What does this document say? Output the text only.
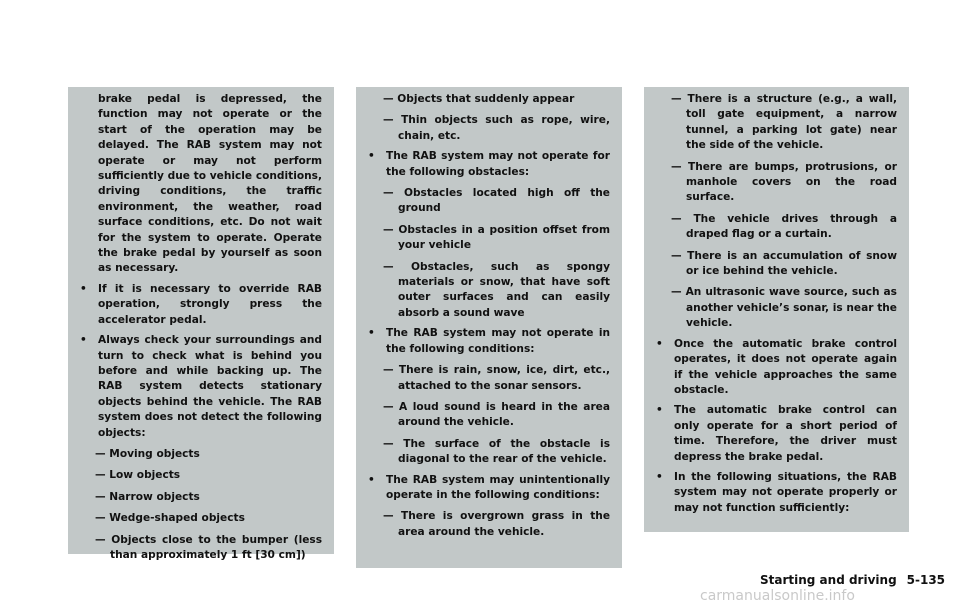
brake pedal is depressed, the function may not operate or the start of the operation may be delayed. The RAB system may not operate or may not perform sufficiently due to vehicle conditions, driving conditions, the traffic environment, the weather, road surface conditions, etc. Do not wait for the system to operate. Operate the brake pedal by yourself as soon as necessary.

•	If it is necessary to override RAB operation, strongly press the accelerator pedal.
•	Always check your surroundings and turn to check what is behind you before and while backing up. The RAB system detects stationary objects behind the vehicle. The RAB system does not detect the following objects:
— Moving objects
— Low objects
— Narrow objects
— Wedge-shaped objects
— Objects close to the bumper (less than approximately 1 ft [30 cm])
— Objects that suddenly appear
— Thin objects such as rope, wire, chain, etc.
•	The RAB system may not operate for the following obstacles:
— Obstacles located high off the ground
— Obstacles in a position offset from your vehicle
— Obstacles, such as spongy materials or snow, that have soft outer surfaces and can easily absorb a sound wave
•	The RAB system may not operate in the following conditions:
— There is rain, snow, ice, dirt, etc., attached to the sonar sensors.
— A loud sound is heard in the area around the vehicle.
— The surface of the obstacle is diagonal to the rear of the vehicle.
•	The RAB system may unintentionally operate in the following conditions:
— There is overgrown grass in the area around the vehicle.
— There is a structure (e.g., a wall, toll gate equipment, a narrow tunnel, a parking lot gate) near the side of the vehicle.
— There are bumps, protrusions, or manhole covers on the road surface.
— The vehicle drives through a draped flag or a curtain.
— There is an accumulation of snow or ice behind the vehicle.
— An ultrasonic wave source, such as another vehicle’s sonar, is near the vehicle.
•	Once the automatic brake control operates, it does not operate again if the vehicle approaches the same obstacle.
•	The automatic brake control can only operate for a short period of time. Therefore, the driver must depress the brake pedal.
•	In the following situations, the RAB system may not operate properly or may not function sufficiently:
Starting and driving 5-135
carmanualsonline.info
